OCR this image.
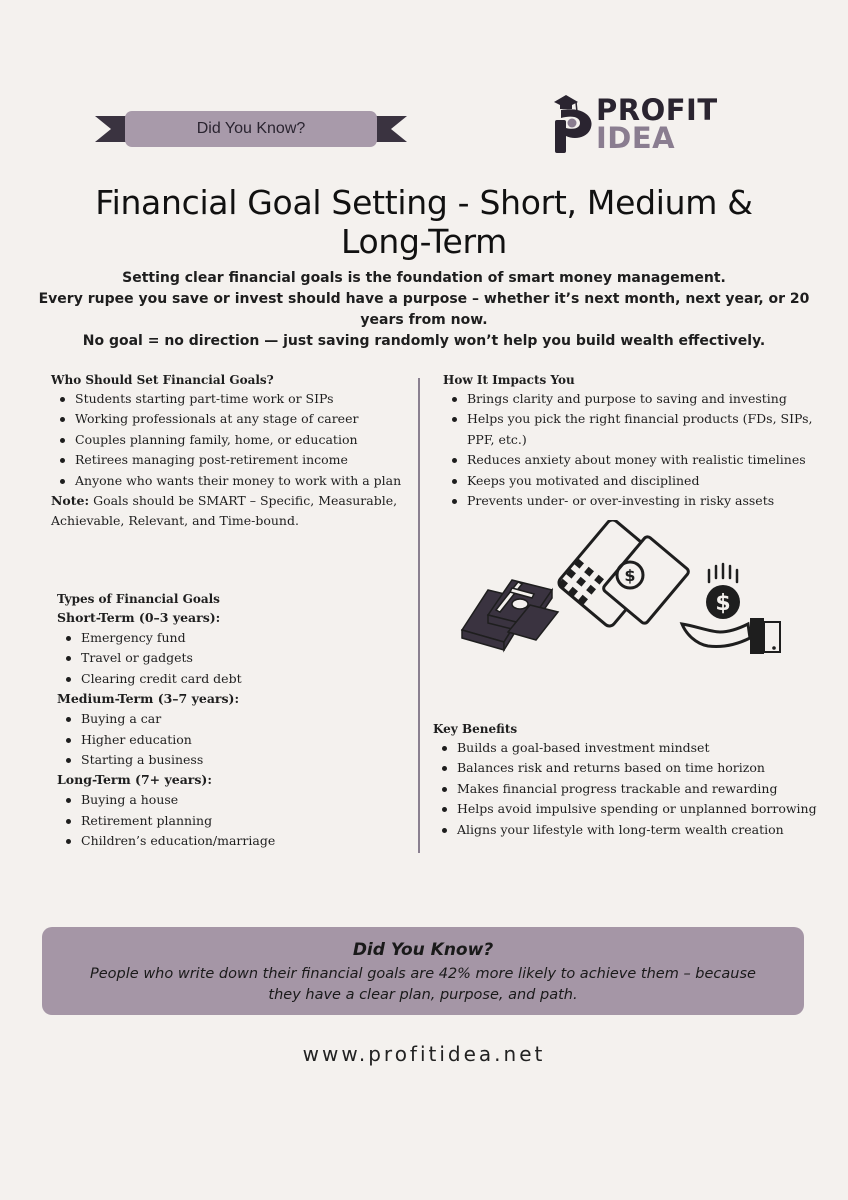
Did You Know?
PROFIT
IDEA
Financial Goal Setting - Short, Medium & Long-Term

Setting clear financial goals is the foundation of smart money management.

Every rupee you save or invest should have a purpose – whether it’s next month, next year, or 20 years from now.

No goal = no direction — just saving randomly won’t help you build wealth effectively.

Who Should Set Financial Goals?

Students starting part-time work or SIPs
Working professionals at any stage of career
Couples planning family, home, or education
Retirees managing post-retirement income
Anyone who wants their money to work with a plan

Note: Goals should be SMART – Specific, Measurable, Achievable, Relevant, and Time-bound.

How It Impacts You

Brings clarity and purpose to saving and investing
Helps you pick the right financial products (FDs, SIPs, PPF, etc.)
Reduces anxiety about money with realistic timelines
Keeps you motivated and disciplined
Prevents under- or over-investing in risky assets
$
$

Types of Financial Goals

Short-Term (0–3 years):

Emergency fund
Travel or gadgets
Clearing credit card debt

Medium-Term (3–7 years):

Buying a car
Higher education
Starting a business

Long-Term (7+ years):

Buying a house
Retirement planning
Children’s education/marriage

Key Benefits

Builds a goal-based investment mindset
Balances risk and returns based on time horizon
Makes financial progress trackable and rewarding
Helps avoid impulsive spending or unplanned borrowing
Aligns your lifestyle with long-term wealth creation
Did You Know?
People who write down their financial goals are 42% more likely to achieve them – because they have a clear plan, purpose, and path.
www.profitidea.net
